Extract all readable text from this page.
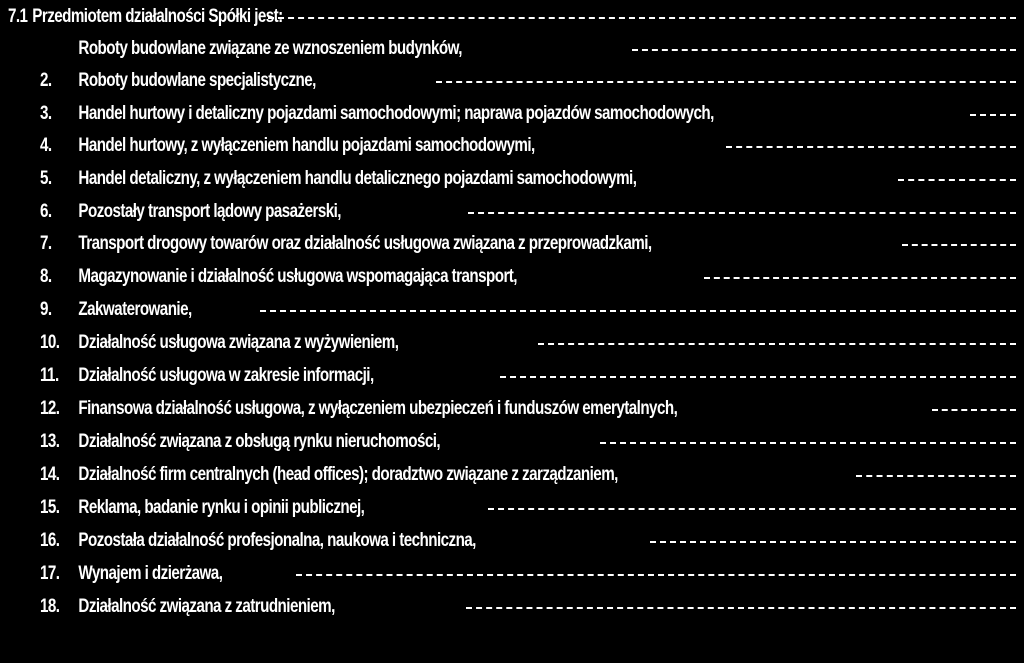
7.1 Przedmiotem działalności Spółki jest:
Roboty budowlane związane ze wznoszeniem budynków,
2.	Roboty budowlane specjalistyczne,
3.	Handel hurtowy i detaliczny pojazdami samochodowymi; naprawa pojazdów samochodowych,
4.	Handel hurtowy, z wyłączeniem handlu pojazdami samochodowymi,
5.	Handel detaliczny, z wyłączeniem handlu detalicznego pojazdami samochodowymi,
6.	Pozostały transport lądowy pasażerski,
7.	Transport drogowy towarów oraz działalność usługowa związana z przeprowadzkami,
8.	Magazynowanie i działalność usługowa wspomagająca transport,
9.	Zakwaterowanie,
10. Działalność usługowa związana z wyżywieniem,
11.	Działalność usługowa w zakresie informacji,
12. Finansowa działalność usługowa, z wyłączeniem ubezpieczeń i funduszów emerytalnych,
13. Działalność związana z obsługą rynku nieruchomości,
14. Działalność firm centralnych (head offices); doradztwo związane z zarządzaniem,
15. Reklama, badanie rynku i opinii publicznej,
16. Pozostała działalność profesjonalna, naukowa i techniczna,
17. Wynajem i dzierżawa,
18. Działalność związana z zatrudnieniem,
